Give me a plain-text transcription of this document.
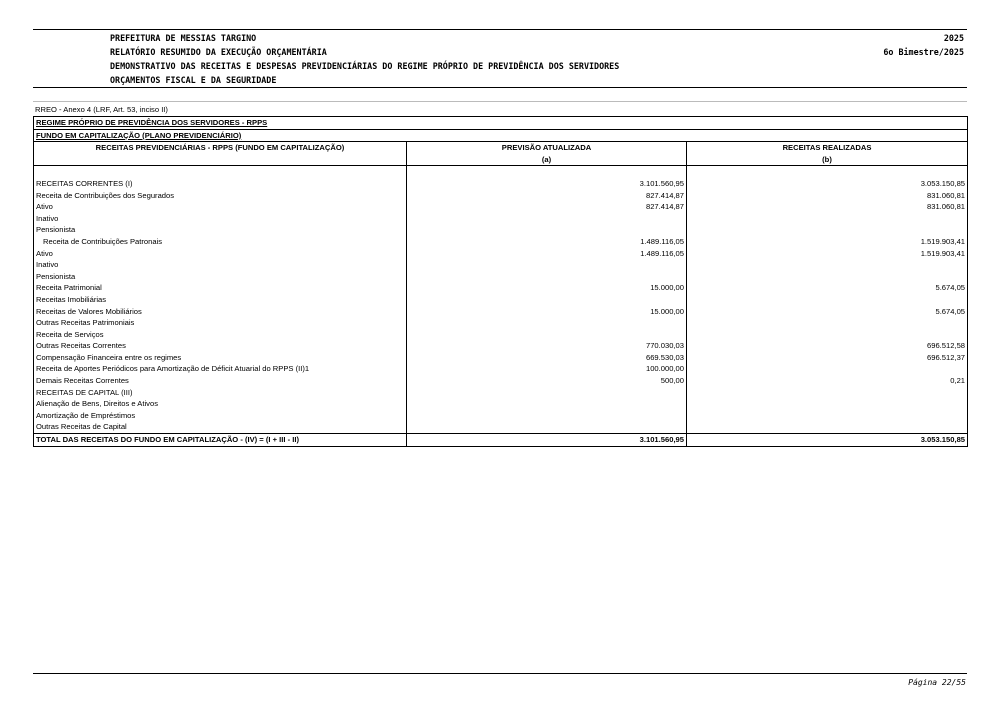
PREFEITURA DE MESSIAS TARGINO	2025
RELATÓRIO RESUMIDO DA EXECUÇÃO ORÇAMENTÁRIA	6o Bimestre/2025
DEMONSTRATIVO DAS RECEITAS E DESPESAS PREVIDENCIÁRIAS DO REGIME PRÓPRIO DE PREVIDÊNCIA DOS SERVIDORES
ORÇAMENTOS FISCAL E DA SEGURIDADE
RREO - Anexo 4 (LRF, Art. 53, inciso II)
REGIME PRÓPRIO DE PREVIDÊNCIA DOS SERVIDORES - RPPS		
FUNDO EM CAPITALIZAÇÃO (PLANO PREVIDENCIÁRIO)		
RECEITAS PREVIDENCIÁRIAS - RPPS (FUNDO EM CAPITALIZAÇÃO)	PREVISÃO ATUALIZADA	RECEITAS REALIZADAS
	(a)	(b)

RECEITAS CORRENTES (I)	3.101.560,95	3.053.150,85
Receita de Contribuições dos Segurados	827.414,87	831.060,81
Ativo	827.414,87	831.060,81
Inativo		
Pensionista		
Receita de Contribuições Patronais	1.489.116,05	1.519.903,41
Ativo	1.489.116,05	1.519.903,41
Inativo		
Pensionista		
Receita Patrimonial	15.000,00	5.674,05
Receitas Imobiliárias		
Receitas de Valores Mobiliários	15.000,00	5.674,05
Outras Receitas Patrimoniais		
Receita de Serviços		
Outras Receitas Correntes	770.030,03	696.512,58
Compensação Financeira entre os regimes	669.530,03	696.512,37
Receita de Aportes Periódicos para Amortização de Déficit Atuarial do RPPS (II)1	100.000,00	
Demais Receitas Correntes	500,00	0,21
RECEITAS DE CAPITAL (III)		
Alienação de Bens, Direitos e Ativos		
Amortização de Empréstimos		
Outras Receitas de Capital		
TOTAL DAS RECEITAS DO FUNDO EM CAPITALIZAÇÃO - (IV) = (I + III - II)	3.101.560,95	3.053.150,85
Página 22/55
